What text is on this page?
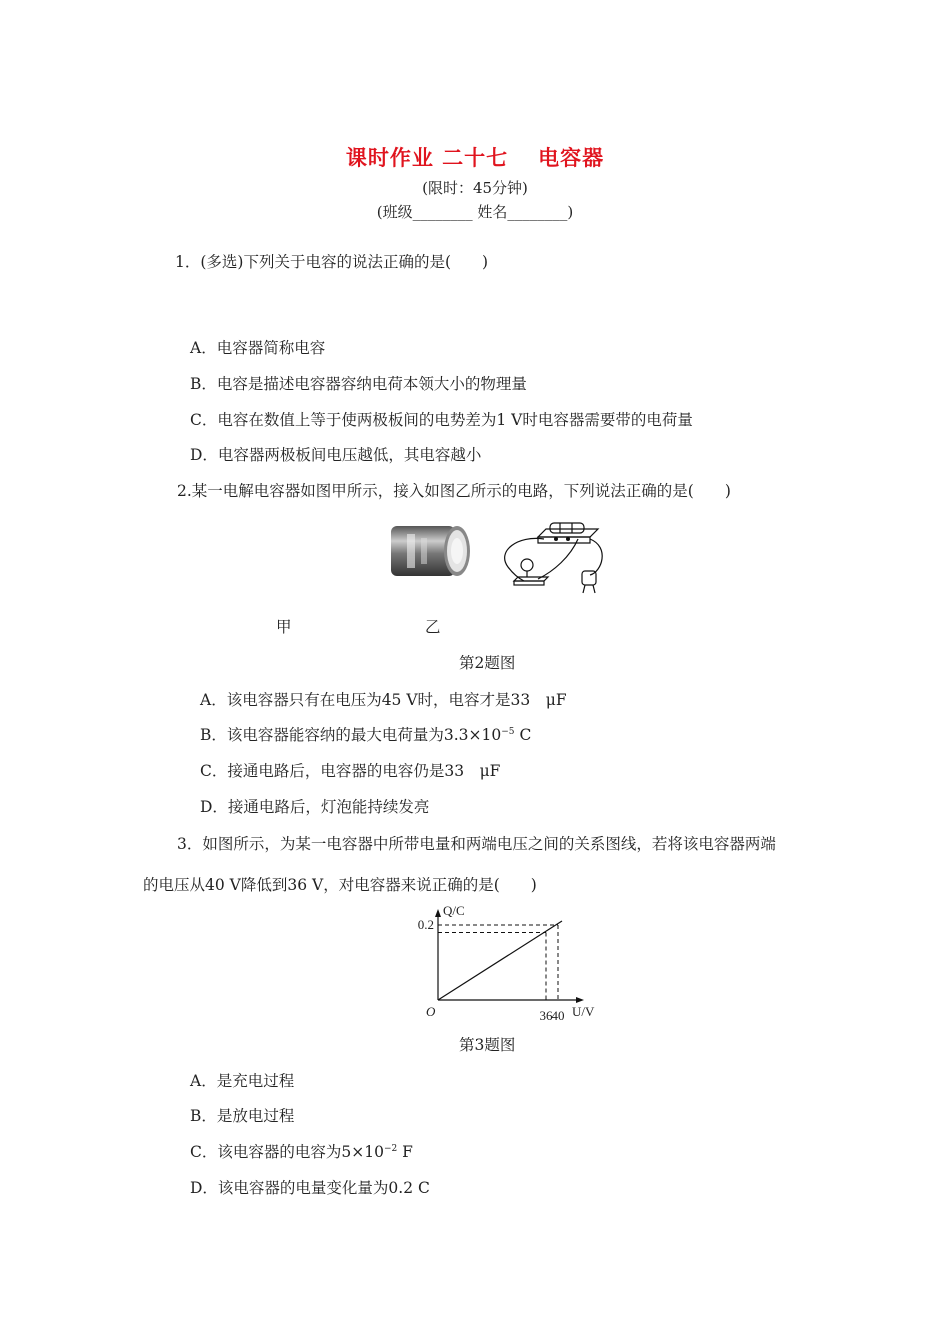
课时作业 二十七 电容器
(限时：45分钟)
(班级________ 姓名________)
1．(多选)下列关于电容的说法正确的是(　　)
A．电容器简称电容
B．电容是描述电容器容纳电荷本领大小的物理量
C．电容在数值上等于使两极板间的电势差为1 V时电容器需要带的电荷量
D．电容器两极板间电压越低，其电容越小
2.某一电解电容器如图甲所示，接入如图乙所示的电路，下列说法正确的是(　　)
甲	乙
第2题图
A．该电容器只有在电压为45 V时，电容才是33　μF
B．该电容器能容纳的最大电荷量为$3.3\times 10^{-5}$ C
C．接通电路后，电容器的电容仍是33　μF
D．接通电路后，灯泡能持续发亮
3．如图所示，为某一电容器中所带电量和两端电压之间的关系图线，若将该电容器两端
的电压从40 V降低到36 V，对电容器来说正确的是(　　)
0.2
36 40
O
Q/C
U/V
第3题图
A．是充电过程
B．是放电过程
C．该电容器的电容为$5\times 10^{-2}$ F
D．该电容器的电量变化量为0.2 C
